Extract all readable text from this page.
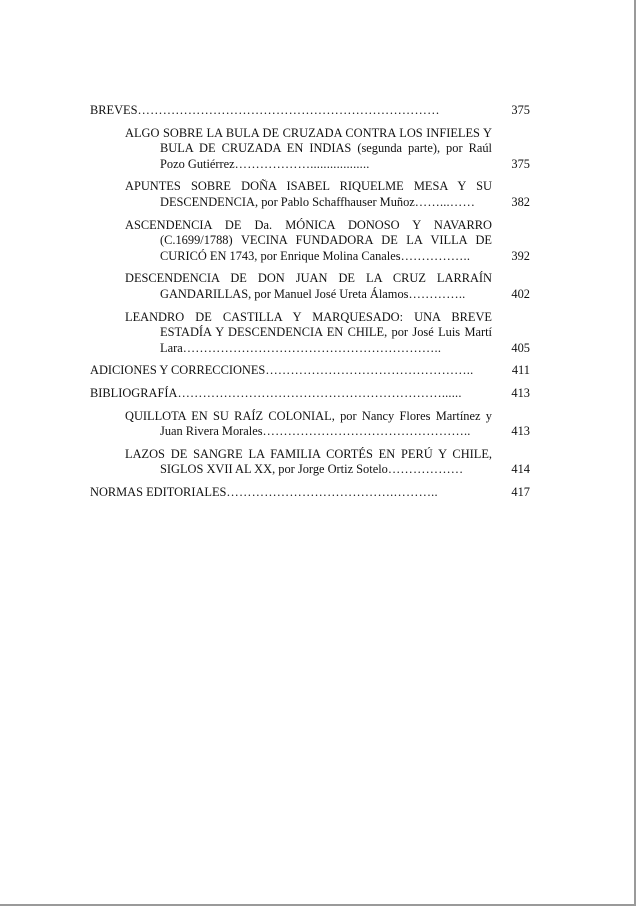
BREVES………………………………………………………………	375
ALGO SOBRE LA BULA DE CRUZADA CONTRA LOS INFIELES Y BULA DE CRUZADA EN INDIAS (segunda parte), por Raúl Pozo Gutiérrez………………..................	375
APUNTES SOBRE DOÑA ISABEL RIQUELME MESA Y SU DESCENDENCIA, por Pablo Schaffhauser Muñoz……...……	382
ASCENDENCIA DE Da. MÓNICA DONOSO Y NAVARRO (C.1699/1788) VECINA FUNDADORA DE LA VILLA DE CURICÓ EN 1743, por Enrique Molina Canales……………..	392
DESCENDENCIA DE DON JUAN DE LA CRUZ LARRAÍN GANDARILLAS, por Manuel José Ureta Álamos…………..	402
LEANDRO DE CASTILLA Y MARQUESADO: UNA BREVE ESTADÍA Y DESCENDENCIA EN CHILE, por José Luis Martí Lara……………………………………………………..	405
ADICIONES Y CORRECCIONES…………………………………………..	411
BIBLIOGRAFÍA………………………………………………………......	413
QUILLOTA EN SU RAÍZ COLONIAL, por Nancy Flores Martínez y Juan Rivera Morales…………………………………………..	413
LAZOS DE SANGRE LA FAMILIA CORTÉS EN PERÚ Y CHILE, SIGLOS XVII AL XX, por Jorge Ortiz Sotelo………………	414
NORMAS EDITORIALES………………………………….………..	417
